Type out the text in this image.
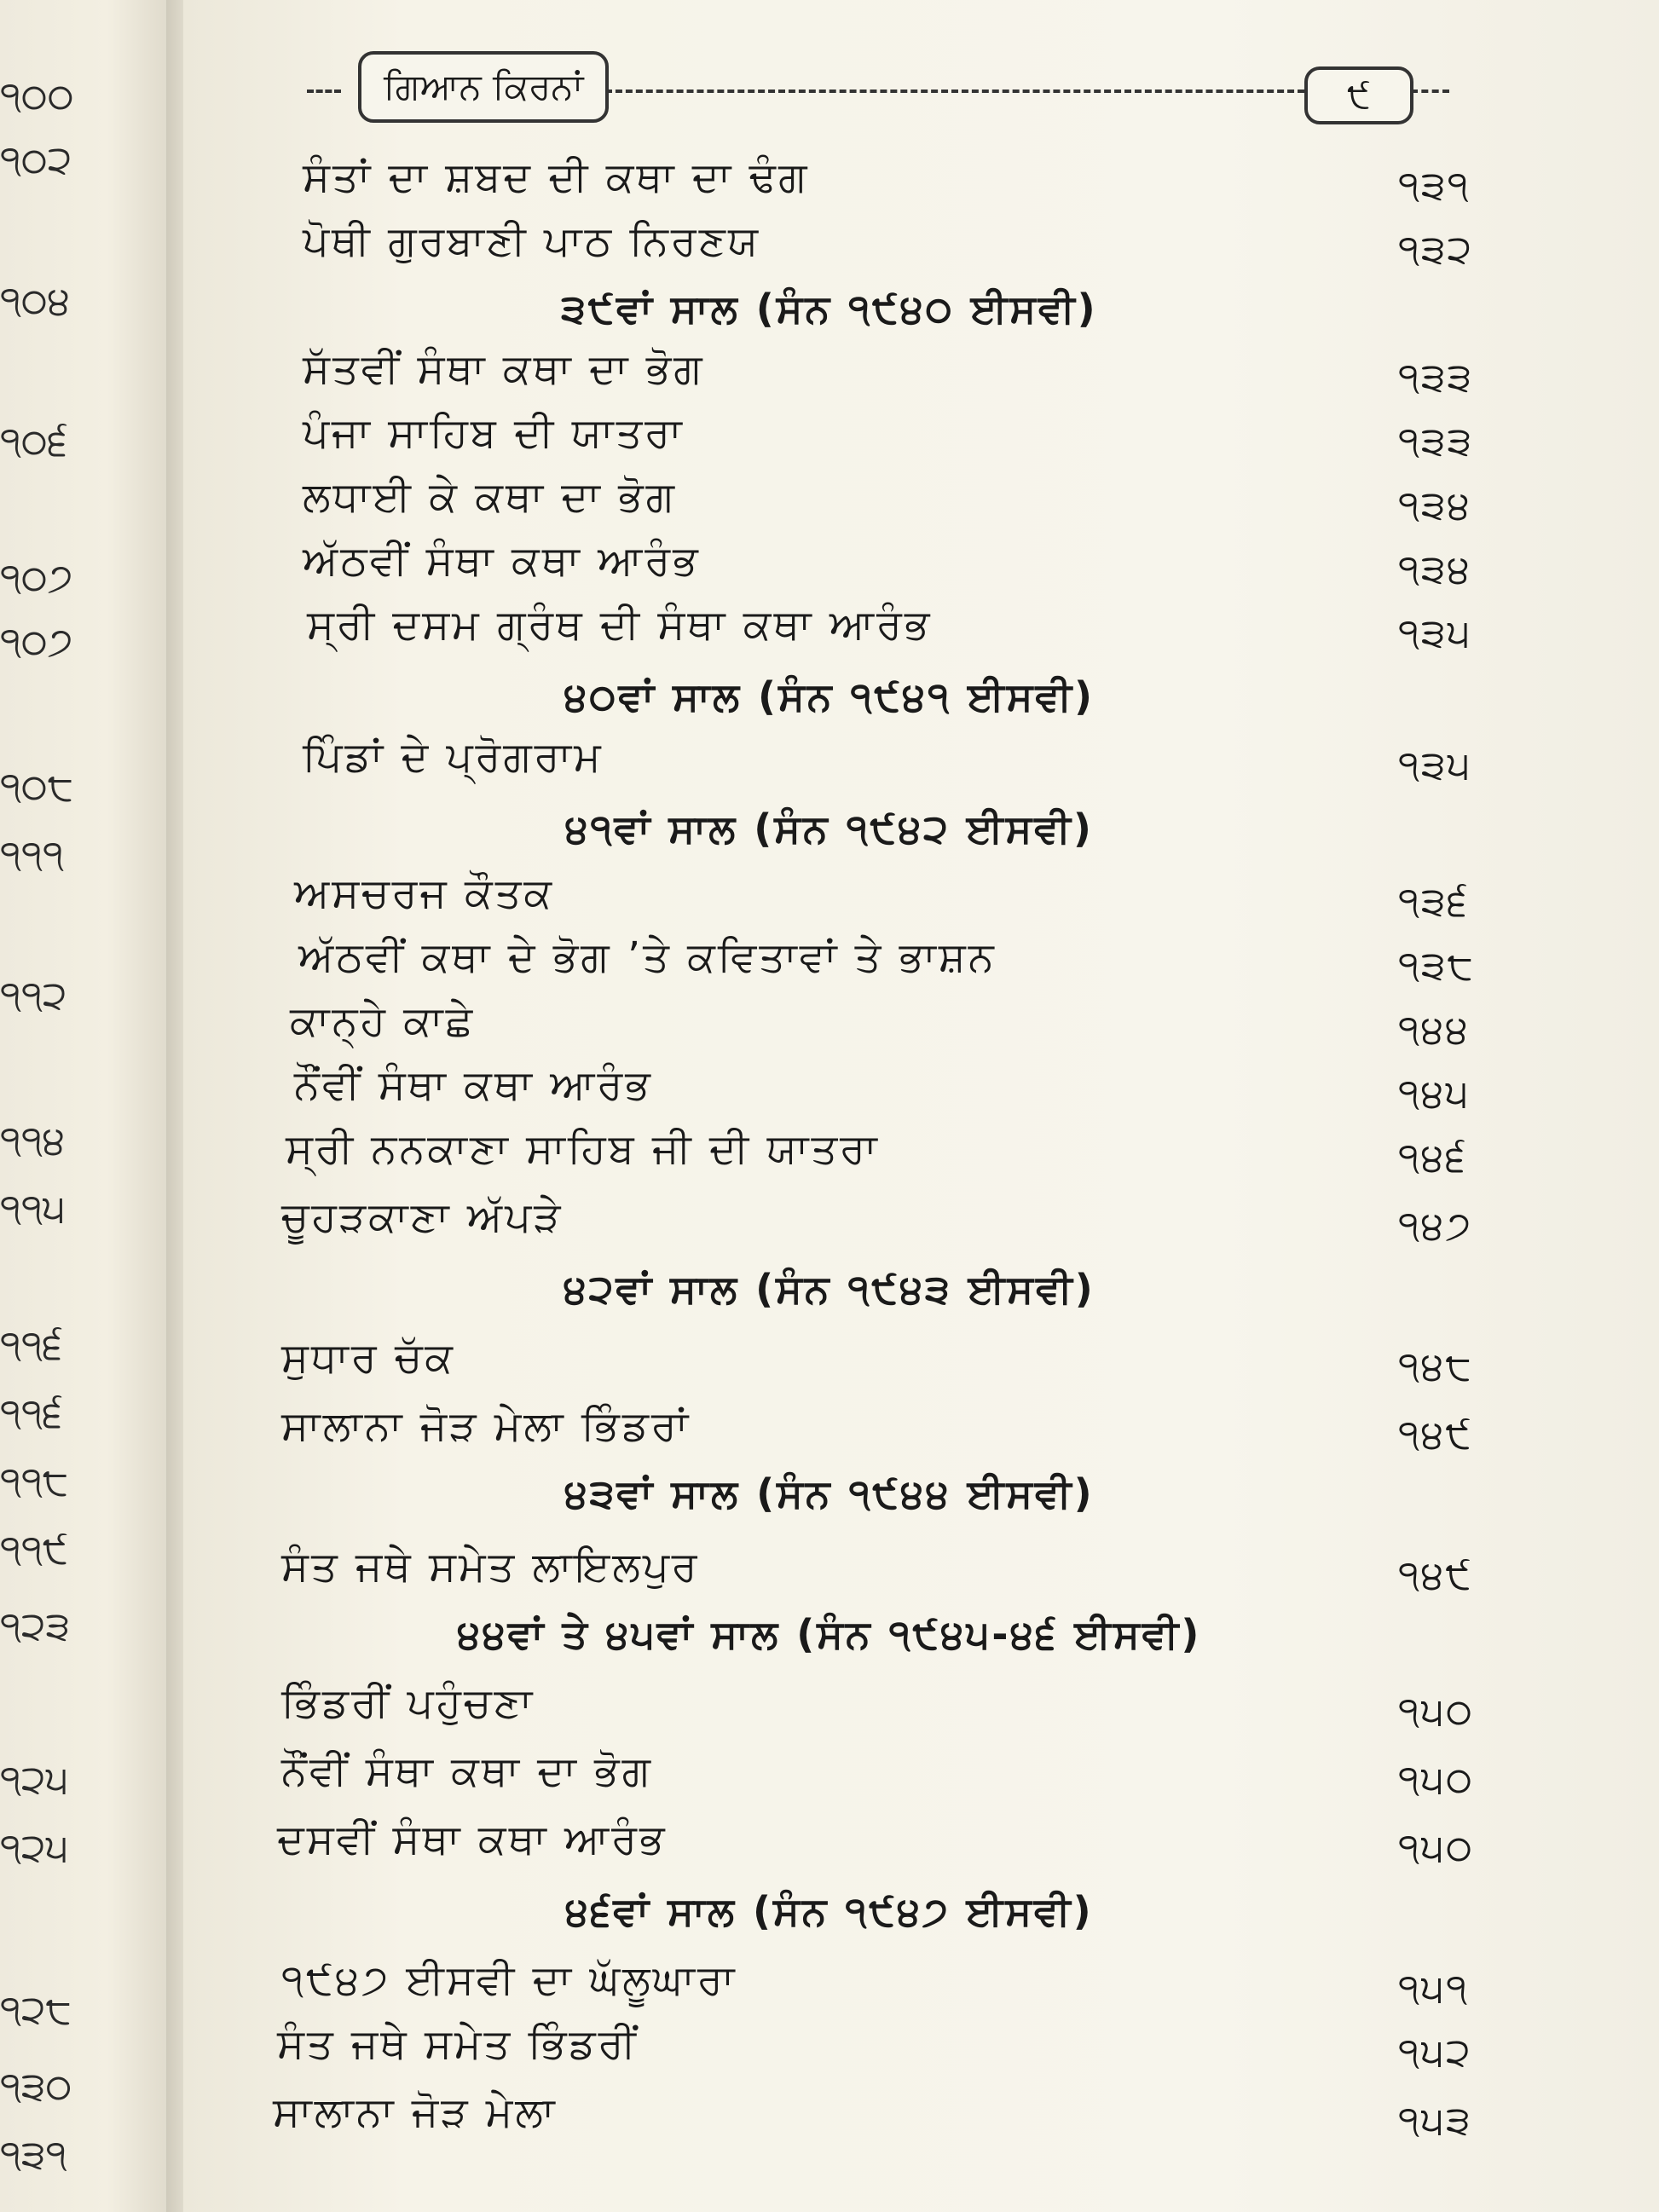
੧੦੦
੧੦੨
੧੦੪
੧੦੬
੧੦੭
੧੦੭
੧੦੮
੧੧੧
੧੧੨
੧੧੪
੧੧੫
੧੧੬
੧੧੬
੧੧੮
੧੧੯
੧੨੩
੧੨੫
੧੨੫
੧੨੮
੧੩੦
੧੩੧
ਗਿਆਨ ਕਿਰਨਾਂ	੯
ਸੰਤਾਂ ਦਾ ਸ਼ਬਦ ਦੀ ਕਥਾ ਦਾ ਢੰਗ	੧੩੧
ਪੋਥੀ ਗੁਰਬਾਣੀ ਪਾਠ ਨਿਰਣਯ	੧੩੨
੩੯ਵਾਂ ਸਾਲ (ਸੰਨ ੧੯੪੦ ਈਸਵੀ)
ਸੱਤਵੀਂ ਸੰਥਾ ਕਥਾ ਦਾ ਭੋਗ	੧੩੩
ਪੰਜਾ ਸਾਹਿਬ ਦੀ ਯਾਤਰਾ	੧੩੩
ਲਧਾਈ ਕੇ ਕਥਾ ਦਾ ਭੋਗ	੧੩੪
ਅੱਠਵੀਂ ਸੰਥਾ ਕਥਾ ਆਰੰਭ	੧੩੪
ਸ੍ਰੀ ਦਸਮ ਗ੍ਰੰਥ ਦੀ ਸੰਥਾ ਕਥਾ ਆਰੰਭ	੧੩੫
੪੦ਵਾਂ ਸਾਲ (ਸੰਨ ੧੯੪੧ ਈਸਵੀ)
ਪਿੰਡਾਂ ਦੇ ਪ੍ਰੋਗਰਾਮ	੧੩੫
੪੧ਵਾਂ ਸਾਲ (ਸੰਨ ੧੯੪੨ ਈਸਵੀ)
ਅਸਚਰਜ ਕੌਤਕ	੧੩੬
ਅੱਠਵੀਂ ਕਥਾ ਦੇ ਭੋਗ ’ਤੇ ਕਵਿਤਾਵਾਂ ਤੇ ਭਾਸ਼ਨ	੧੩੮
ਕਾਨ੍ਹੇ ਕਾਛੇ	੧੪੪
ਨੌਂਵੀਂ ਸੰਥਾ ਕਥਾ ਆਰੰਭ	੧੪੫
ਸ੍ਰੀ ਨਨਕਾਣਾ ਸਾਹਿਬ ਜੀ ਦੀ ਯਾਤਰਾ	੧੪੬
ਚੂਹੜਕਾਣਾ ਅੱਪੜੇ	੧੪੭
੪੨ਵਾਂ ਸਾਲ (ਸੰਨ ੧੯੪੩ ਈਸਵੀ)
ਸੁਧਾਰ ਚੱਕ	੧੪੮
ਸਾਲਾਨਾ ਜੋੜ ਮੇਲਾ ਭਿੰਡਰਾਂ	੧੪੯
੪੩ਵਾਂ ਸਾਲ (ਸੰਨ ੧੯੪੪ ਈਸਵੀ)
ਸੰਤ ਜਥੇ ਸਮੇਤ ਲਾਇਲਪੁਰ	੧੪੯
੪੪ਵਾਂ ਤੇ ੪੫ਵਾਂ ਸਾਲ (ਸੰਨ ੧੯੪੫-੪੬ ਈਸਵੀ)
ਭਿੰਡਰੀਂ ਪਹੁੰਚਣਾ	੧੫੦
ਨੌਂਵੀਂ ਸੰਥਾ ਕਥਾ ਦਾ ਭੋਗ	੧੫੦
ਦਸਵੀਂ ਸੰਥਾ ਕਥਾ ਆਰੰਭ	੧੫੦
੪੬ਵਾਂ ਸਾਲ (ਸੰਨ ੧੯੪੭ ਈਸਵੀ)
੧੯੪੭ ਈਸਵੀ ਦਾ ਘੱਲੂਘਾਰਾ	੧੫੧
ਸੰਤ ਜਥੇ ਸਮੇਤ ਭਿੰਡਰੀਂ	੧੫੨
ਸਾਲਾਨਾ ਜੋੜ ਮੇਲਾ	੧੫੩
